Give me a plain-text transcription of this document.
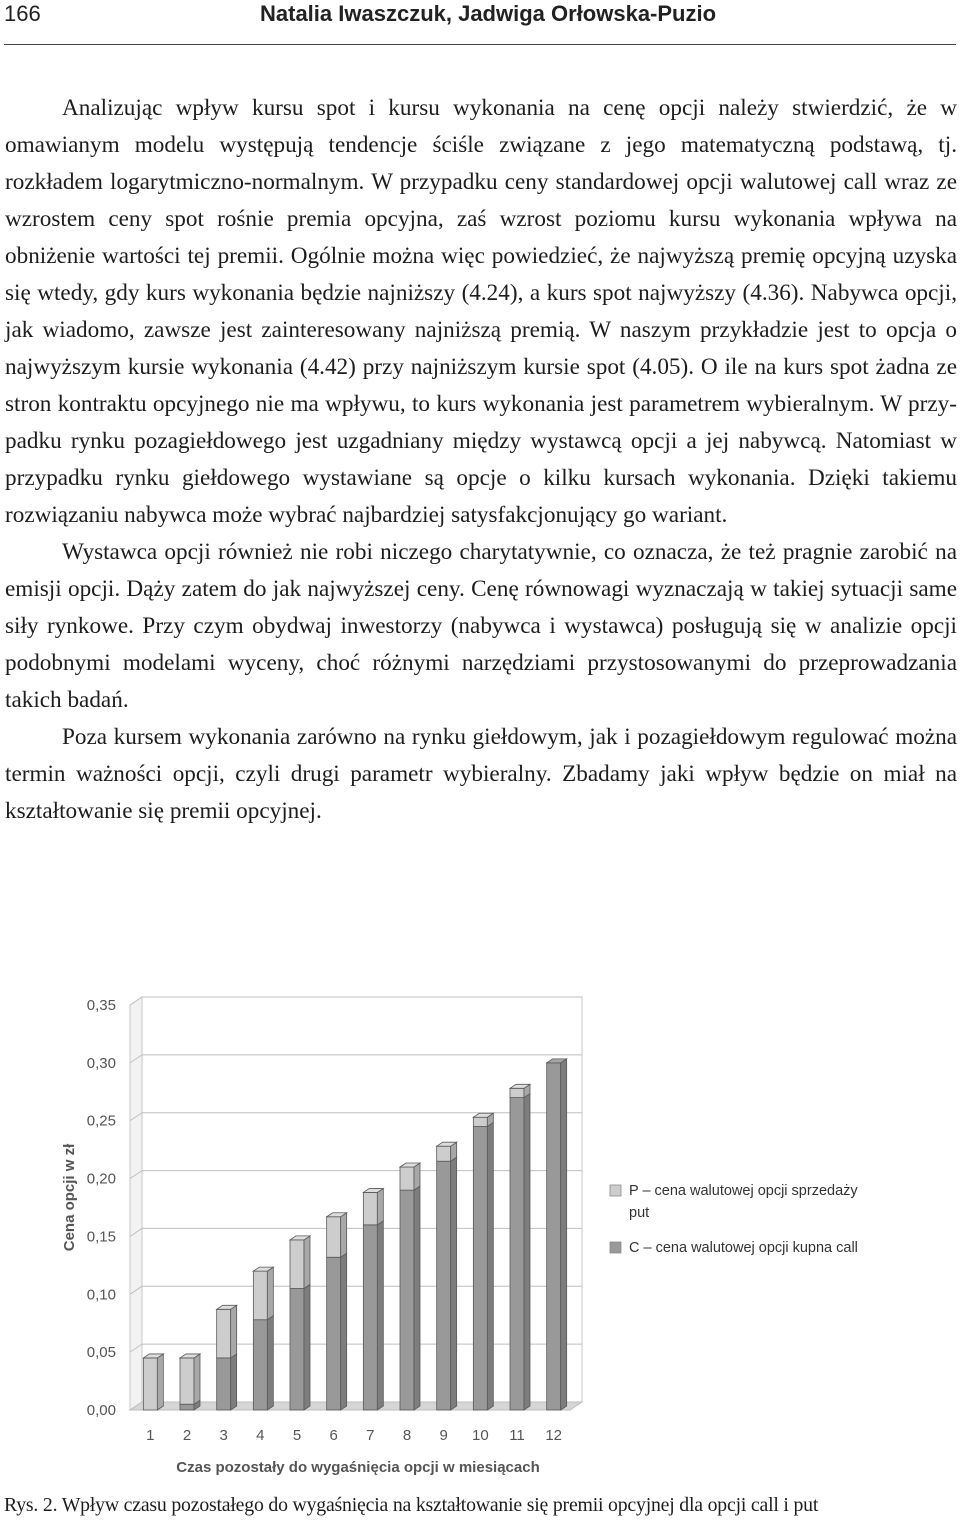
166	Natalia Iwaszczuk, Jadwiga Orłowska-Puzio

Analizując wpływ kursu spot i kursu wykonania na cenę opcji należy stwierdzić, że w omawianym modelu występują tendencje ściśle związane z jego matematyczną podstawą, tj. rozkładem logarytmiczno-normalnym. W przypadku ceny standardowej opcji walutowej call wraz ze wzrostem ceny spot rośnie premia opcyjna, zaś wzrost poziomu kursu wykonania wpływa na obniżenie wartości tej premii. Ogólnie można więc powiedzieć, że najwyższą premię opcyjną uzyska się wtedy, gdy kurs wykonania będzie najniższy (4.24), a kurs spot najwyższy (4.36). Nabywca opcji, jak wiadomo, zawsze jest zainteresowany najniższą premią. W naszym przykładzie jest to opcja o najwyższym kursie wykonania (4.42) przy najniższym kursie spot (4.05). O ile na kurs spot żadna ze stron kontraktu opcyjnego nie ma wpływu, to kurs wykonania jest parametrem wybieralnym. W przypadku rynku pozagiełdowego jest uzgadniany między wystawcą opcji a jej nabywcą. Natomiast w przypadku rynku giełdowego wystawiane są opcje o kilku kursach wykonania. Dzięki takiemu rozwiązaniu nabywca może wybrać najbardziej satysfakcjonujący go wariant.

Wystawca opcji również nie robi niczego charytatywnie, co oznacza, że też pragnie zarobić na emisji opcji. Dąży zatem do jak najwyższej ceny. Cenę równowagi wyznaczają w takiej sytuacji same siły rynkowe. Przy czym obydwaj inwestorzy (nabywca i wystawca) posługują się w analizie opcji podobnymi modelami wyceny, choć różnymi narzędziami przystosowanymi do przeprowadzania takich badań.

Poza kursem wykonania zarówno na rynku giełdowym, jak i pozagiełdowym regulować można termin ważności opcji, czyli drugi parametr wybieralny. Zbadamy jaki wpływ będzie on miał na kształtowanie się premii opcyjnej.

0,00
0,05
0,10
0,15
0,20
0,25
0,30
0,35
Cena opcji w zł
1 2 3 4 5 6 7 8 9 10 11 12
Czas pozostały do wygaśnięcia opcji w miesiącach
P – cena walutowej opcji sprzedaży
put
C – cena walutowej opcji kupna call
Rys. 2. Wpływ czasu pozostałego do wygaśnięcia na kształtowanie się premii opcyjnej dla opcji call i put
